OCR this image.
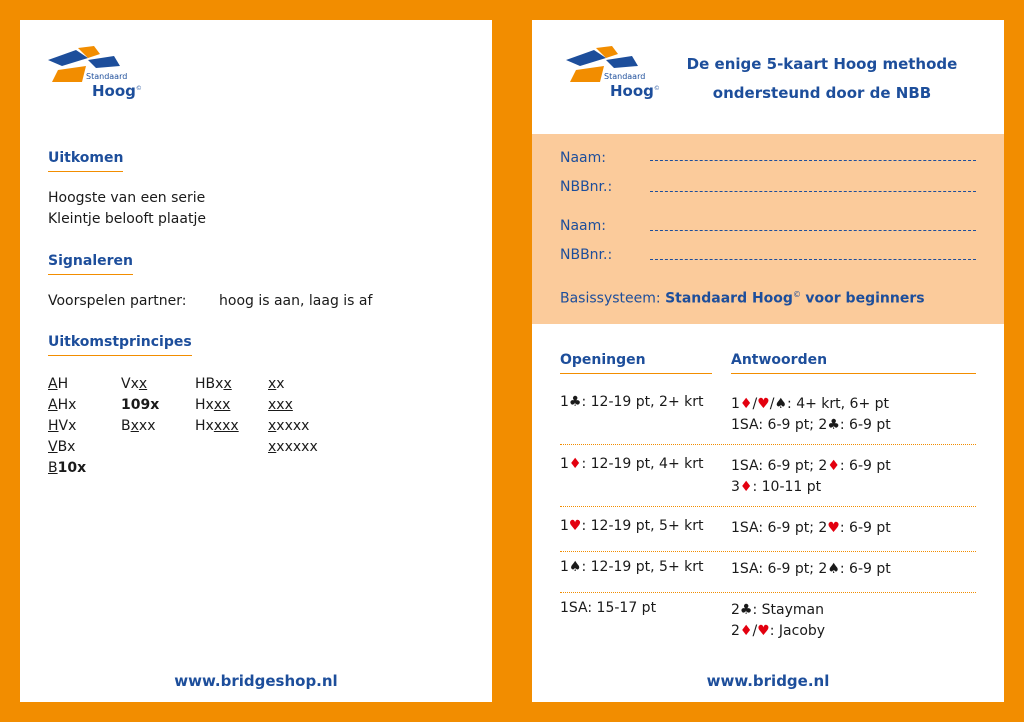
Standaard
Hoog©
Uitkomen
Hoogste van een serie
Kleintje belooft plaatje
Signaleren
Voorspelen partner: hoog is aan, laag is af
Uitkomstprincipes
AH
AHx
HVx
VBx
B10x
Vxx
109x
Bxxx
HBxx
Hxxx
Hxxxx
xx
xxx
xxxxx
xxxxxx
www.bridgeshop.nl
Standaard
Hoog©
De enige 5-kaart Hoog methode
ondersteund door de NBB
Naam:
NBBnr.:
Naam:
NBBnr.:
Basissysteem: Standaard Hoog© voor beginners
Openingen	Antwoorden
1♣: 12-19 pt, 2+ krt 1♦/♥/♠: 4+ krt, 6+ pt
1SA: 6-9 pt; 2♣: 6-9 pt
1♦: 12-19 pt, 4+ krt 1SA: 6-9 pt; 2♦: 6-9 pt
3♦: 10-11 pt
1♥: 12-19 pt, 5+ krt 1SA: 6-9 pt; 2♥: 6-9 pt
1♠: 12-19 pt, 5+ krt 1SA: 6-9 pt; 2♠: 6-9 pt
1SA: 15-17 pt	2♣: Stayman
2♦/♥: Jacoby
www.bridge.nl
